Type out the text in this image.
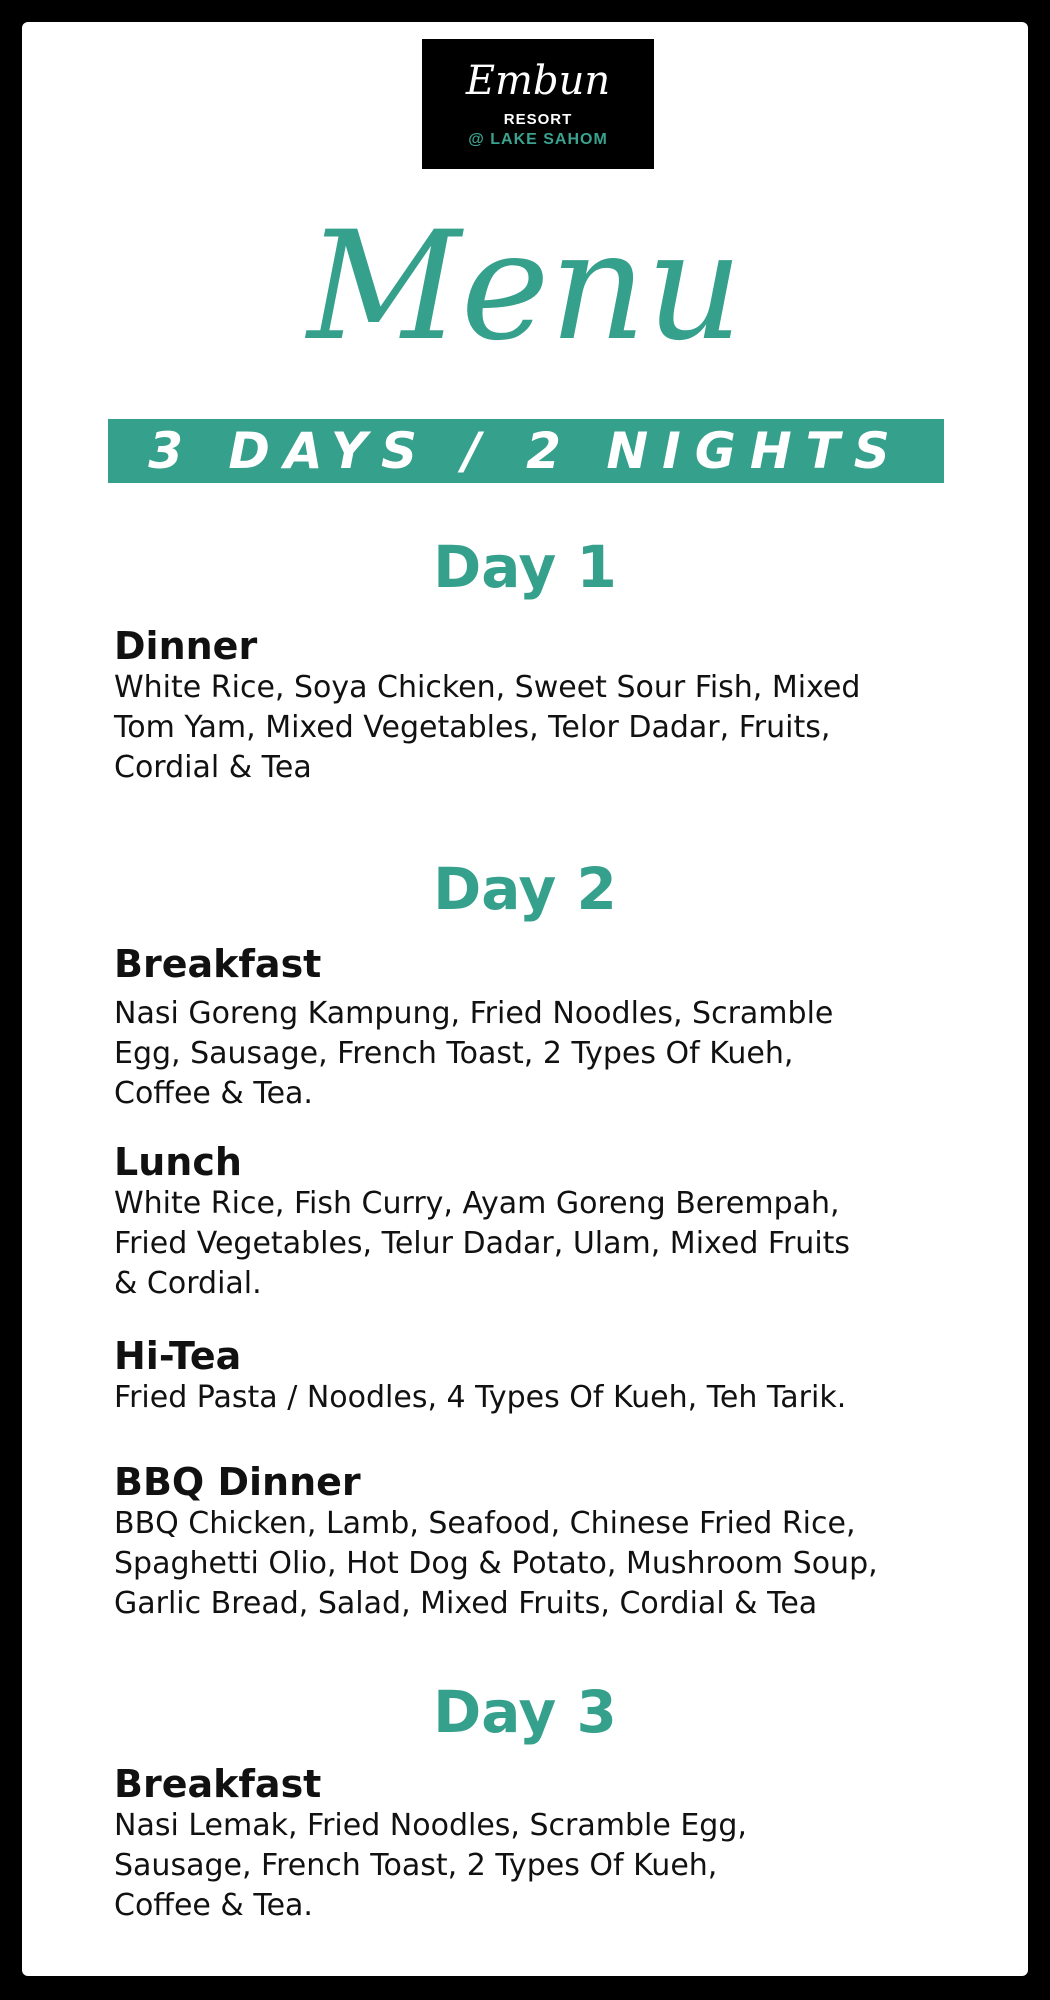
Embun
RESORT
@ LAKE SAHOM
Menu
3 DAYS / 2 NIGHTS
Day 1
Dinner
White Rice, Soya Chicken, Sweet Sour Fish, Mixed
Tom Yam, Mixed Vegetables, Telor Dadar, Fruits,
Cordial & Tea
Day 2
Breakfast
Nasi Goreng Kampung, Fried Noodles, Scramble
Egg, Sausage, French Toast, 2 Types Of Kueh,
Coffee & Tea.
Lunch
White Rice, Fish Curry, Ayam Goreng Berempah,
Fried Vegetables, Telur Dadar, Ulam, Mixed Fruits
& Cordial.
Hi-Tea
Fried Pasta / Noodles, 4 Types Of Kueh, Teh Tarik.
BBQ Dinner
BBQ Chicken, Lamb, Seafood, Chinese Fried Rice,
Spaghetti Olio, Hot Dog & Potato, Mushroom Soup,
Garlic Bread, Salad, Mixed Fruits, Cordial & Tea
Day 3
Breakfast
Nasi Lemak, Fried Noodles, Scramble Egg,
Sausage, French Toast, 2 Types Of Kueh,
Coffee & Tea.
